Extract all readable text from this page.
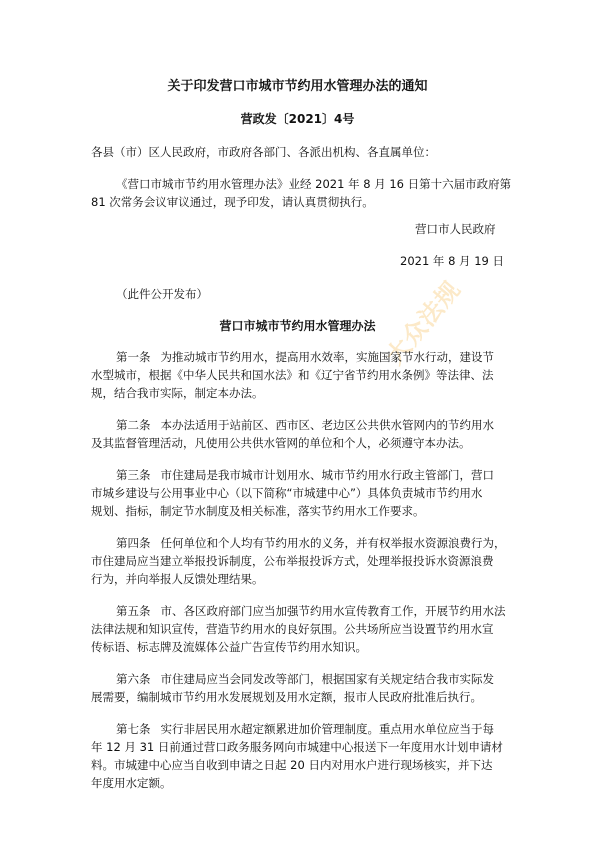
大众法规
关于印发营口市城市节约用水管理办法的通知
营政发〔2021〕4号
各县（市）区人民政府，市政府各部门、各派出机构、各直属单位：
《营口市城市节约用水管理办法》业经 2021 年 8 月 16 日第十六届市政府第
81 次常务会议审议通过，现予印发，请认真贯彻执行。
营口市人民政府
2021 年 8 月 19 日
（此件公开发布）
营口市城市节约用水管理办法
第一条 为推动城市节约用水，提高用水效率，实施国家节水行动，建设节
水型城市，根据《中华人民共和国水法》和《辽宁省节约用水条例》等法律、法
规，结合我市实际，制定本办法。
第二条 本办法适用于站前区、西市区、老边区公共供水管网内的节约用水
及其监督管理活动，凡使用公共供水管网的单位和个人，必须遵守本办法。
第三条 市住建局是我市城市计划用水、城市节约用水行政主管部门，营口
市城乡建设与公用事业中心（以下简称“市城建中心”）具体负责城市节约用水
规划、指标，制定节水制度及相关标准，落实节约用水工作要求。
第四条 任何单位和个人均有节约用水的义务，并有权举报水资源浪费行为，
市住建局应当建立举报投诉制度，公布举报投诉方式，处理举报投诉水资源浪费
行为，并向举报人反馈处理结果。
第五条 市、各区政府部门应当加强节约用水宣传教育工作，开展节约用水法
法律法规和知识宣传，营造节约用水的良好氛围。公共场所应当设置节约用水宣
传标语、标志牌及流媒体公益广告宣传节约用水知识。
第六条 市住建局应当会同发改等部门，根据国家有关规定结合我市实际发
展需要，编制城市节约用水发展规划及用水定额，报市人民政府批准后执行。
第七条 实行非居民用水超定额累进加价管理制度。重点用水单位应当于每
年 12 月 31 日前通过营口政务服务网向市城建中心报送下一年度用水计划申请材
料。市城建中心应当自收到申请之日起 20 日内对用水户进行现场核实，并下达
年度用水定额。
